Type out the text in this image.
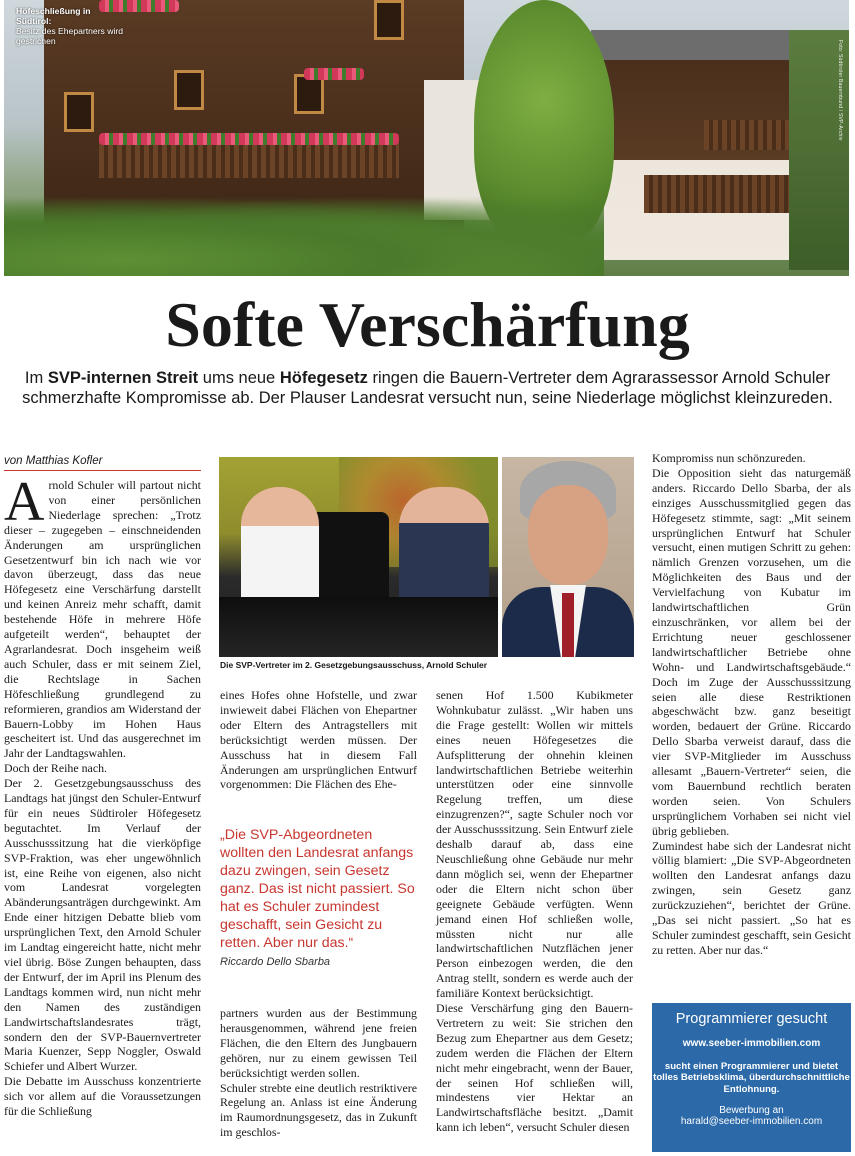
Höfeschließung in Südtirol:
Besitz des Ehepartners wird gestrichen	Foto: Südtiroler Bauernbund / SVP-Archiv
Softe Verschärfung
Im SVP-internen Streit ums neue Höfegesetz ringen die Bauern-Vertreter dem Agrarassessor Arnold Schuler schmerzhafte Kompromisse ab. Der Plauser Landesrat versucht nun, seine Niederlage möglichst kleinzureden.
von Matthias Kofler

Arnold Schuler will partout nicht von einer persönlichen Niederlage sprechen: „Trotz dieser – zugegeben – einschneidenden Änderungen am ursprünglichen Gesetzentwurf bin ich nach wie vor davon überzeugt, dass das neue Höfegesetz eine Verschärfung darstellt und keinen Anreiz mehr schafft, damit bestehende Höfe in mehrere Höfe aufgeteilt werden“, behauptet der Agrarlandesrat. Doch insgeheim weiß auch Schuler, dass er mit seinem Ziel, die Rechtslage in Sachen Höfeschließung grundlegend zu reformieren, grandios am Widerstand der Bauern-Lobby im Hohen Haus gescheitert ist. Und das ausgerechnet im Jahr der Landtagswahlen.

Doch der Reihe nach.

Der 2. Gesetzgebungsausschuss des Landtags hat jüngst den Schuler-Entwurf für ein neues Südtiroler Höfegesetz begutachtet. Im Verlauf der Ausschusssitzung hat die vierköpfige SVP-Fraktion, was eher ungewöhnlich ist, eine Reihe von eigenen, also nicht vom Landesrat vorgelegten Abänderungsanträgen durchgewinkt. Am Ende einer hitzigen Debatte blieb vom ursprünglichen Text, den Arnold Schuler im Landtag eingereicht hatte, nicht mehr viel übrig. Böse Zungen behaupten, dass der Entwurf, der im April ins Plenum des Landtags kommen wird, nun nicht mehr den Namen des zuständigen Landwirtschaftslandesrates trägt, sondern den der SVP-Bauernvertreter Maria Kuenzer, Sepp Noggler, Oswald Schiefer und Albert Wurzer.

Die Debatte im Ausschuss konzentrierte sich vor allem auf die Voraussetzungen für die Schließung

Die SVP-Vertreter im 2. Gesetzgebungsausschuss, Arnold Schuler

eines Hofes ohne Hofstelle, und zwar inwieweit dabei Flächen von Ehepartner oder Eltern des Antragstellers mit berücksichtigt werden müssen. Der Ausschuss hat in diesem Fall Änderungen am ursprünglichen Entwurf vorgenommen: Die Flächen des Ehe-

„Die SVP-Abgeordneten wollten den Landesrat anfangs dazu zwingen, sein Gesetz ganz. Das ist nicht passiert. So hat es Schuler zumindest geschafft, sein Gesicht zu retten. Aber nur das.“
Riccardo Dello Sbarba

partners wurden aus der Bestimmung herausgenommen, während jene freien Flächen, die den Eltern des Jungbauern gehören, nur zu einem gewissen Teil berücksichtigt werden sollen.

Schuler strebte eine deutlich restriktivere Regelung an. Anlass ist eine Änderung im Raumordnungsgesetz, das in Zukunft im geschlos-

senen Hof 1.500 Kubikmeter Wohnkubatur zulässt. „Wir haben uns die Frage gestellt: Wollen wir mittels eines neuen Höfegesetzes die Aufsplitterung der ohnehin kleinen landwirtschaftlichen Betriebe weiterhin unterstützen oder eine sinnvolle Regelung treffen, um diese einzugrenzen?“, sagte Schuler noch vor der Ausschusssitzung. Sein Entwurf ziele deshalb darauf ab, dass eine Neuschließung ohne Gebäude nur mehr dann möglich sei, wenn der Ehepartner oder die Eltern nicht schon über geeignete Gebäude verfügten. Wenn jemand einen Hof schließen wolle, müssten nicht nur alle landwirtschaftlichen Nutzflächen jener Person einbezogen werden, die den Antrag stellt, sondern es werde auch der familiäre Kontext berücksichtigt.

Diese Verschärfung ging den Bauern-Vertretern zu weit: Sie strichen den Bezug zum Ehepartner aus dem Gesetz; zudem werden die Flächen der Eltern nicht mehr eingebracht, wenn der Bauer, der seinen Hof schließen will, mindestens vier Hektar an Landwirtschaftsfläche besitzt. „Damit kann ich leben“, versucht Schuler diesen

Kompromiss nun schönzureden.

Die Opposition sieht das naturgemäß anders. Riccardo Dello Sbarba, der als einziges Ausschussmitglied gegen das Höfegesetz stimmte, sagt: „Mit seinem ursprünglichen Entwurf hat Schuler versucht, einen mutigen Schritt zu gehen: nämlich Grenzen vorzusehen, um die Möglichkeiten des Baus und der Vervielfachung von Kubatur im landwirtschaftlichen Grün einzuschränken, vor allem bei der Errichtung neuer geschlossener landwirtschaftlicher Betriebe ohne Wohn- und Landwirtschaftsgebäude.“ Doch im Zuge der Ausschusssitzung seien alle diese Restriktionen abgeschwächt bzw. ganz beseitigt worden, bedauert der Grüne. Riccardo Dello Sbarba verweist darauf, dass die vier SVP-Mitglieder im Ausschuss allesamt „Bauern-Vertreter“ seien, die vom Bauernbund rechtlich beraten worden seien. Von Schulers ursprünglichem Vorhaben sei nicht viel übrig geblieben.

Zumindest habe sich der Landesrat nicht völlig blamiert: „Die SVP-Abgeordneten wollten den Landesrat anfangs dazu zwingen, sein Gesetz ganz zurückzuziehen“, berichtet der Grüne. „Das sei nicht passiert. „So hat es Schuler zumindest geschafft, sein Gesicht zu retten. Aber nur das.“

Programmierer gesucht
www.seeber-immobilien.com
sucht einen Programmierer und bietet tolles Betriebsklima, überdurchschnittliche Entlohnung.
Bewerbung an
harald@seeber-immobilien.com
